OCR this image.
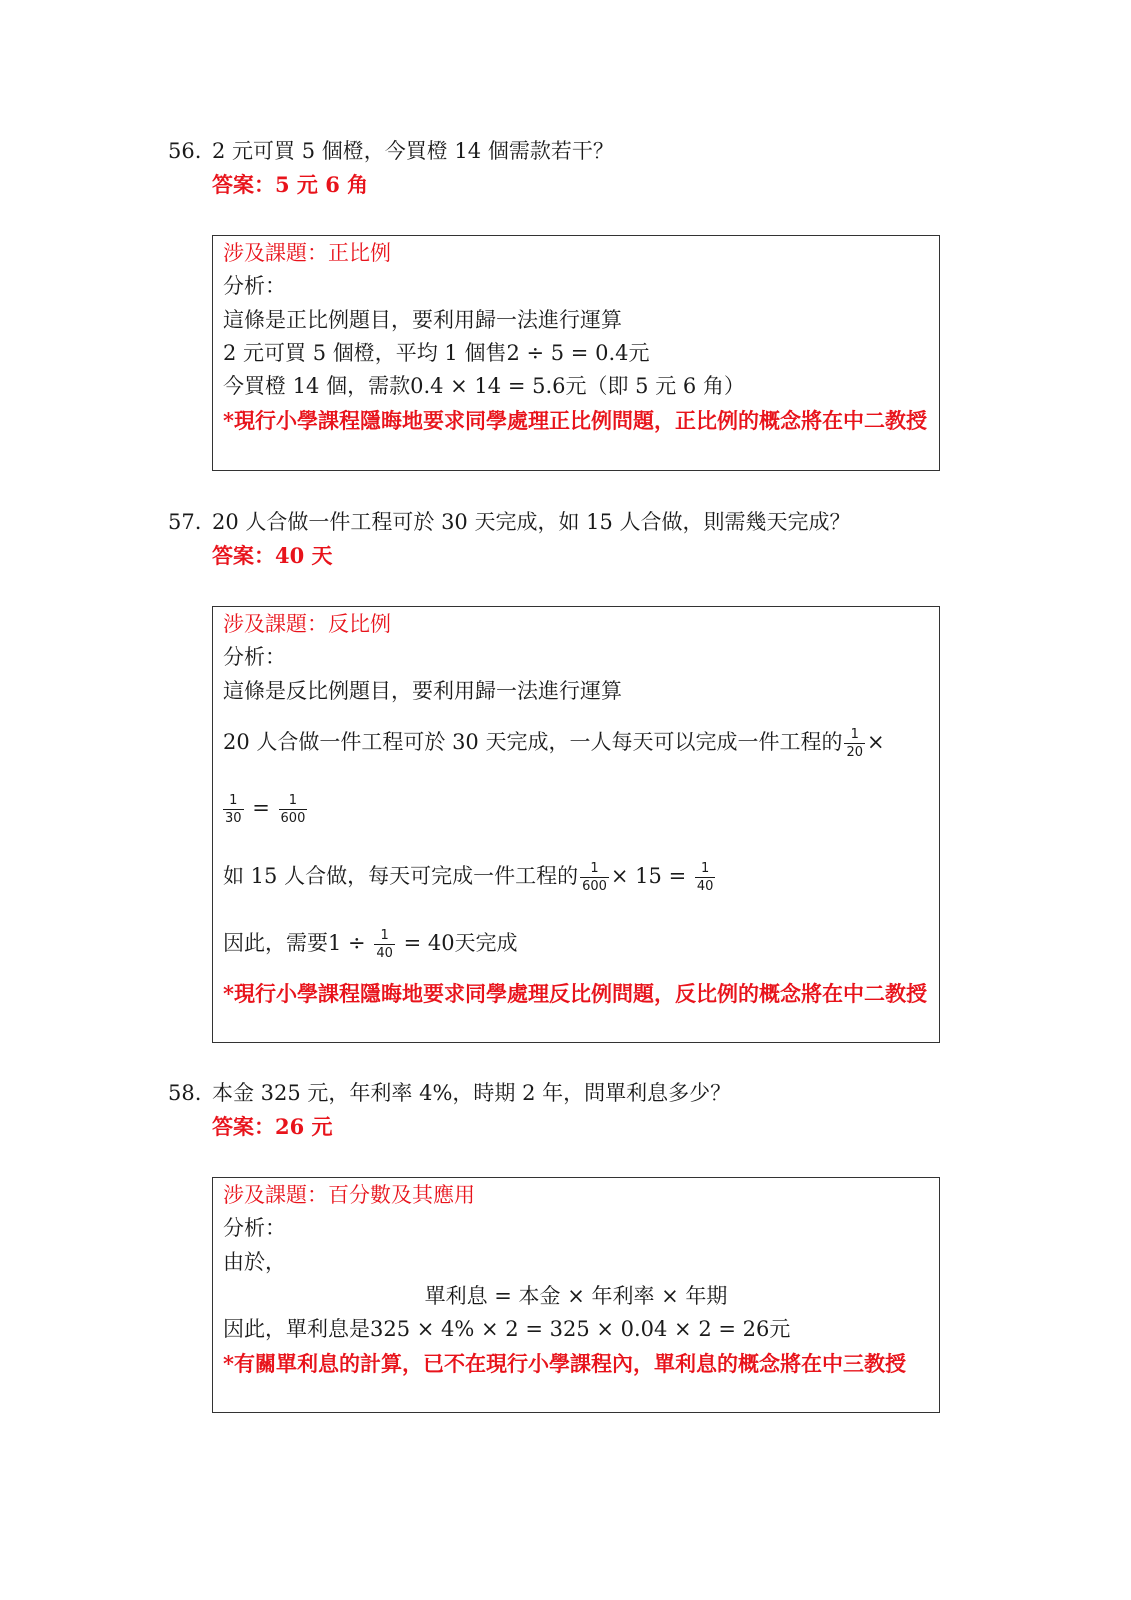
56. 2 元可買 5 個橙，今買橙 14 個需款若干？
答案：5 元 6 角
涉及課題：正比例
分析：
這條是正比例題目，要利用歸一法進行運算
2 元可買 5 個橙，平均 1 個售2 ÷ 5 = 0.4元
今買橙 14 個，需款0.4 × 14 = 5.6元（即 5 元 6 角）
*現行小學課程隱晦地要求同學處理正比例問題，正比例的概念將在中二教授
57. 20 人合做一件工程可於 30 天完成，如 15 人合做，則需幾天完成？
答案：40 天
涉及課題：反比例
分析：
這條是反比例題目，要利用歸一法進行運算
20 人合做一件工程可於 30 天完成，一人每天可以完成一件工程的 $\frac{1}{20}$ ×
$\frac{1}{30} = \frac{1}{600}$
如 15 人合做，每天可完成一件工程的 $\frac{1}{600} \times 15 = \frac{1}{40}$
因此，需要$1 \div \frac{1}{40} = 40$天完成
*現行小學課程隱晦地要求同學處理反比例問題，反比例的概念將在中二教授
58. 本金 325 元，年利率 4%，時期 2 年，問單利息多少？
答案：26 元
涉及課題：百分數及其應用
分析：
由於，
單利息 = 本金 × 年利率 × 年期
因此，單利息是325 × 4% × 2 = 325 × 0.04 × 2 = 26元
*有關單利息的計算，已不在現行小學課程內，單利息的概念將在中三教授
